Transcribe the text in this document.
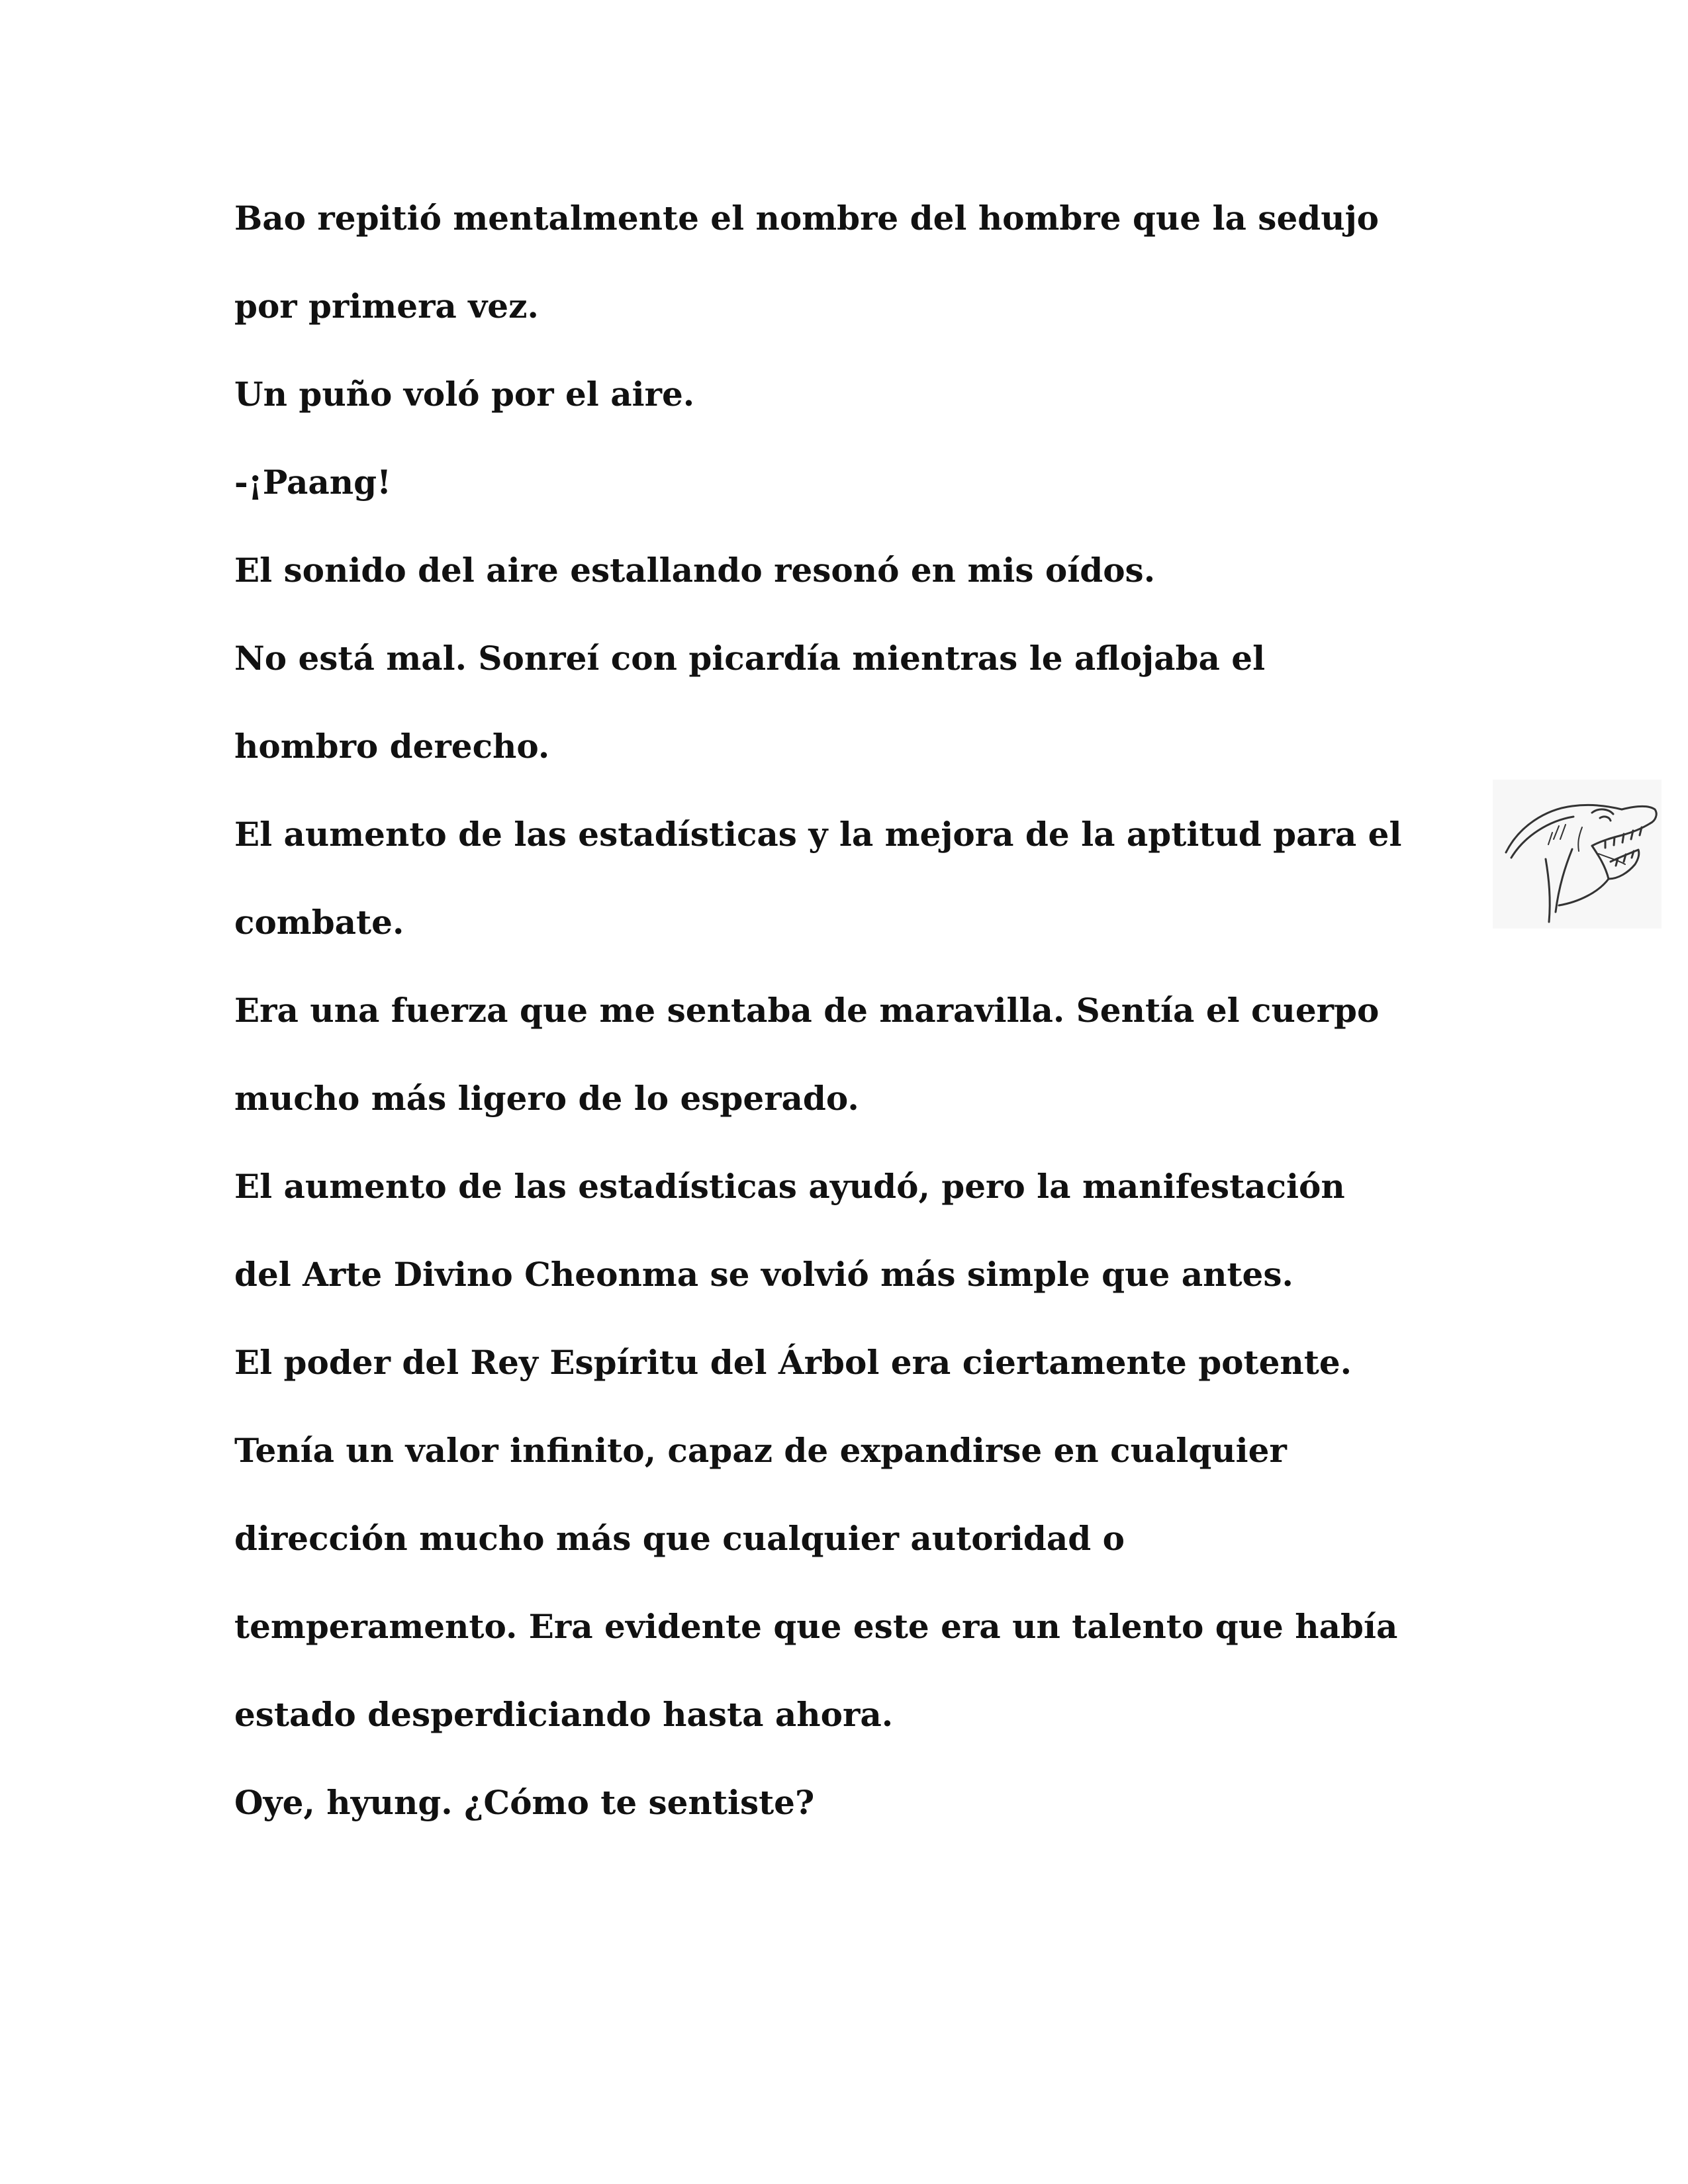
Bao repitió mentalmente el nombre del hombre que la sedujo
por primera vez.
Un puño voló por el aire.
-¡Paang!
El sonido del aire estallando resonó en mis oídos.
No está mal. Sonreí con picardía mientras le aflojaba el
hombro derecho.
El aumento de las estadísticas y la mejora de la aptitud para el
combate.
Era una fuerza que me sentaba de maravilla. Sentía el cuerpo
mucho más ligero de lo esperado.
El aumento de las estadísticas ayudó, pero la manifestación
del Arte Divino Cheonma se volvió más simple que antes.
El poder del Rey Espíritu del Árbol era ciertamente potente.
Tenía un valor infinito, capaz de expandirse en cualquier
dirección mucho más que cualquier autoridad o
temperamento. Era evidente que este era un talento que había
estado desperdiciando hasta ahora.
Oye, hyung. ¿Cómo te sentiste?
